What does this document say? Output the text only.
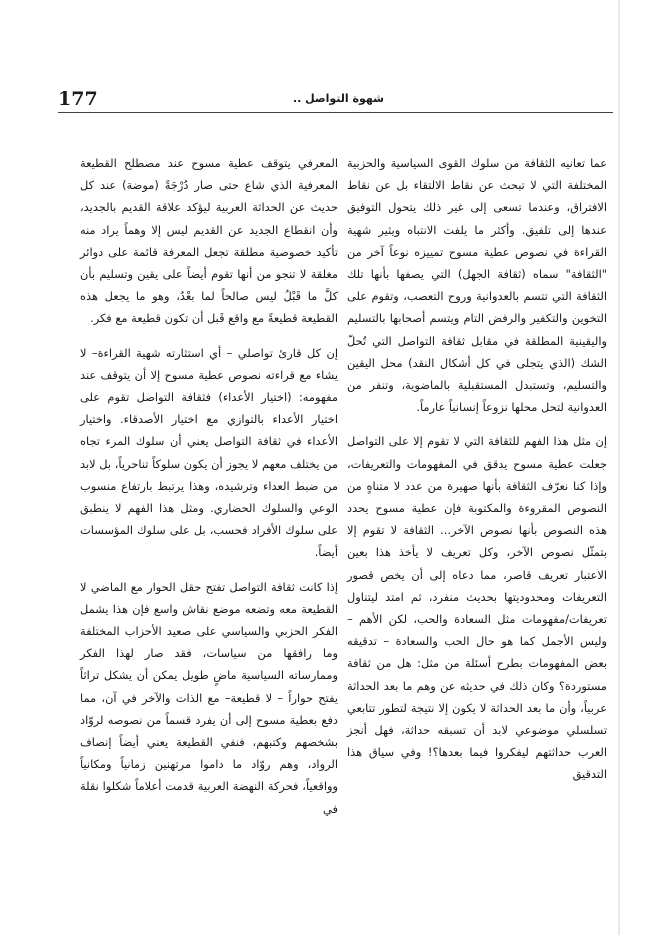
177	شهوة التواصل ..

عما تعانيه الثقافة من سلوك القوى السياسية والحزبية المختلفة التي لا تبحث عن نقاط الالتقاء بل عن نقاط الافتراق، وعندما تسعى إلى غير ذلك يتحول التوفيق عندها إلى تلفيق. وأكثر ما يلفت الانتباه ويثير شهية القراءة في نصوص عطية مسوح تمييزه نوعاً آخر من "الثقافة" سماه (ثقافة الجهل) التي يصفها بأنها تلك الثقافة التي تتسم بالعدوانية وروح التعصب، وتقوم على التخوين والتكفير والرفض التام ويتسم أصحابها بالتسليم واليقينية المطلقة في مقابل ثقافة التواصل التي تُحلّ الشك (الذي يتجلى في كل أشكال النقد) محل اليقين والتسليم، وتستبدل المستقبلية بالماضوية، وتنفر من العدوانية لتحل محلها نزوعاً إنسانياً عارماً.

إن مثل هذا الفهم للثقافة التي لا تقوم إلا على التواصل جعلت عطية مسوح يدقق في المفهومات والتعريفات، وإذا كنا نعرّف الثقافة بأنها صهيرة من عدد لا متناهٍ من النصوص المقروءة والمكتوبة فإن عطية مسوح يحدد هذه النصوص بأنها نصوص الآخر... الثقافة لا تقوم إلا بتمثّل نصوص الآخر، وكل تعريف لا يأخذ هذا بعين الاعتبار تعريف قاصر، مما دعاه إلى أن يخص قصور التعريفات ومحدوديتها بحديث منفرد، ثم امتد ليتناول تعريفات/مفهومات مثل السعادة والحب، لكن الأهم –وليس الأجمل كما هو حال الحب والسعادة – تدقيقه بعض المفهومات بطرح أسئلة من مثل: هل من ثقافة مستوردة؟ وكان ذلك في حديثه عن وهم ما بعد الحداثة عربياً، وأن ما بعد الحداثة لا يكون إلا نتيجة لتطور تتابعي تسلسلي موضوعي لابد أن تسبقه حداثة، فهل أنجز العرب حداثتهم ليفكروا فيما بعدها؟! وفي سياق هذا التدقيق

المعرفي يتوقف عطية مسوح عند مصطلح القطيعة المعرفية الذي شاع حتى صار دُرْجَةً (موضة) عند كل حديث عن الحداثة العربية ليؤكد علاقة القديم بالجديد، وأن انقطاع الجديد عن القديم ليس إلا وهماً يراد منه تأكيد خصوصية مطلقة تجعل المعرفة قائمة على دوائر مغلقة لا تنجو من أنها تقوم أيضاً على يقين وتسليم بأن كلَّ ما قَبْلُ ليس صالحاً لما بعْدُ، وهو ما يجعل هذه القطيعة قطيعةً مع واقع قَبل أن تكون قطيعة مع فكر.

إن كل قارئ تواصلي – أي استثارته شهية القراءة– لا يشاء مع قراءته نصوص عطية مسوح إلا أن يتوقف عند مفهومه: (اختيار الأعداء) فثقافة التواصل تقوم على اختيار الأعداء بالتوازي مع اختيار الأصدقاء. واختيار الأعداء في ثقافة التواصل يعني أن سلوك المرء تجاه من يختلف معهم لا يجوز أن يكون سلوكاً تناحرياً، بل لابد من ضبط العداء وترشيده، وهذا يرتبط بارتفاع منسوب الوعي والسلوك الحضاري. ومثل هذا الفهم لا ينطبق على سلوك الأفراد فحسب، بل على سلوك المؤسسات أيضاً.

إذا كانت ثقافة التواصل تفتح حقل الحوار مع الماضي لا القطيعة معه وتضعه موضع نقاش واسع فإن هذا يشمل الفكر الحزبي والسياسي على صعيد الأحزاب المختلفة وما رافقها من سياسات، فقد صار لهذا الفكر وممارساته السياسية ماضٍ طويل يمكن أن يشكل تراثاً يفتح حواراً – لا قطيعة– مع الذات والآخر في آن، مما دفع بعطية مسوح إلى أن يفرد قسماً من نصوصه لروّاد بشخصهم وكتبهم، فنفي القطيعة يعني أيضاً إنصاف الرواد، وهم روّاد ما داموا مرتهنين زمانياً ومكانياً وواقعياً، فحركة النهضة العربية قدمت أعلاماً شكلوا نقلة في
